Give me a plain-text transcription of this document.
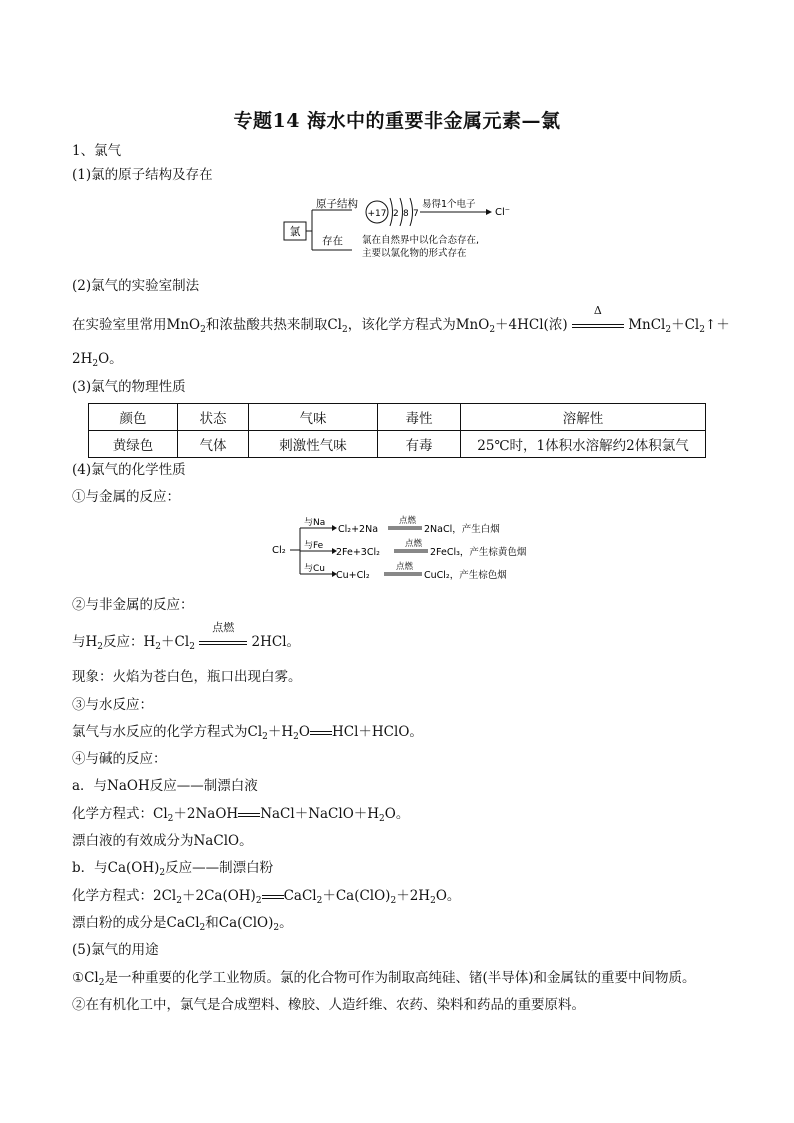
专题14 海水中的重要非金属元素—氯
1、氯气
(1)氯的原子结构及存在
氯
原子结构
存在
+17 2 8 7
易得1个电子
Cl⁻
氯在自然界中以化合态存在,
主要以氯化物的形式存在
(2)氯气的实验室制法
在实验室里常用MnO$_2$和浓盐酸共热来制取$Cl_2$，该化学方程式为MnO$_2$＋4HCl(浓)
Δ
$MnCl_2+Cl_2↑+$
$2H_2O$。
(3)氯气的物理性质
颜色	状态	气味	毒性	溶解性
黄绿色	气体	刺激性气味	有毒	25℃时，1体积水溶解约2体积氯气
(4)氯气的化学性质
①与金属的反应：
Cl₂
与Na
Cl₂+2Na
点燃
2NaCl，产生白烟
与Fe
2Fe+3Cl₂
点燃
2FeCl₃，产生棕黄色烟
与Cu
Cu+Cl₂
点燃
CuCl₂，产生棕色烟
②与非金属的反应：
与$H_2$反应：$H_2+Cl_2$
点燃
2HCl。
现象：火焰为苍白色，瓶口出现白雾。
③与水反应：
氯气与水反应的化学方程式为$Cl_2+H_2O$ HCl＋HClO。
④与碱的反应：
a．与NaOH反应——制漂白液
化学方程式：$Cl_2+2NaOH$ $NaCl+NaClO+H_2O$。
漂白液的有效成分为NaClO。
b．与$Ca(OH)_2$反应——制漂白粉
化学方程式：$2Cl_2+2Ca(OH)_2$ $CaCl_2+Ca(ClO)_2+2H_2O$。
漂白粉的成分是CaCl$_2$和$Ca(ClO)_2$。
(5)氯气的用途
$①Cl_2$是一种重要的化学工业物质。氯的化合物可作为制取高纯硅、锗(半导体)和金属钛的重要中间物质。
②在有机化工中，氯气是合成塑料、橡胶、人造纤维、农药、染料和药品的重要原料。
